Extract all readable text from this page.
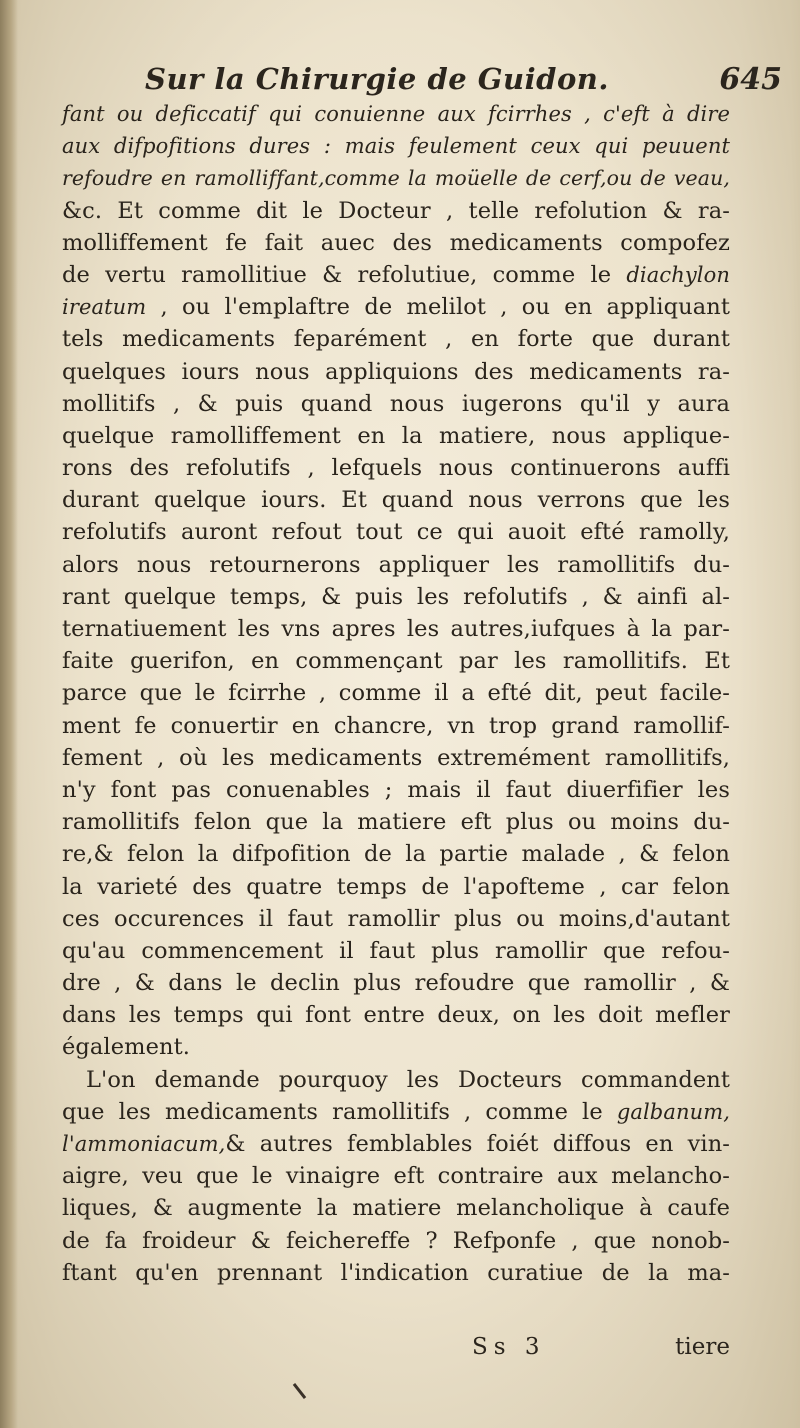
Sur la Chirurgie de Guidon.	645
fant ou deficcatif qui conuienne aux fcirrhes , c'eft à dire
aux difpofitions dures : mais feulement ceux qui peuuent
refoudre en ramolliffant,comme la moüelle de cerf,ou de veau,
&c. Et comme dit le Docteur , telle refolution & ra-
molliffement fe fait auec des medicaments compofez
de vertu ramollitiue & refolutiue, comme le diachylon
ireatum , ou l'emplaftre de melilot , ou en appliquant
tels medicaments feparément , en forte que durant
quelques iours nous appliquions des medicaments ra-
mollitifs , & puis quand nous iugerons qu'il y aura
quelque ramolliffement en la matiere, nous applique-
rons des refolutifs , lefquels nous continuerons auffi
durant quelque iours. Et quand nous verrons que les
refolutifs auront refout tout ce qui auoit efté ramolly,
alors nous retournerons appliquer les ramollitifs du-
rant quelque temps, & puis les refolutifs , & ainfi al-
ternatiuement les vns apres les autres,iufques à la par-
faite guerifon, en commençant par les ramollitifs. Et
parce que le fcirrhe , comme il a efté dit, peut facile-
ment fe conuertir en chancre, vn trop grand ramollif-
fement , où les medicaments extremément ramollitifs,
n'y font pas conuenables ; mais il faut diuerfifier les
ramollitifs felon que la matiere eft plus ou moins du-
re,& felon la difpofition de la partie malade , & felon
la varieté des quatre temps de l'apofteme , car felon
ces occurences il faut ramollir plus ou moins,d'autant
qu'au commencement il faut plus ramollir que refou-
dre , & dans le declin plus refoudre que ramollir , &
dans les temps qui font entre deux, on les doit mefler
également.
L'on demande pourquoy les Docteurs commandent
que les medicaments ramollitifs , comme le galbanum,
l'ammoniacum,& autres femblables foiét diffous en vin-
aigre, veu que le vinaigre eft contraire aux melancho-
liques, & augmente la matiere melancholique à caufe
de fa froideur & feichereffe ? Refponfe , que nonob-
ftant qu'en prennant l'indication curatiue de la ma-
Ss 3	tiere
